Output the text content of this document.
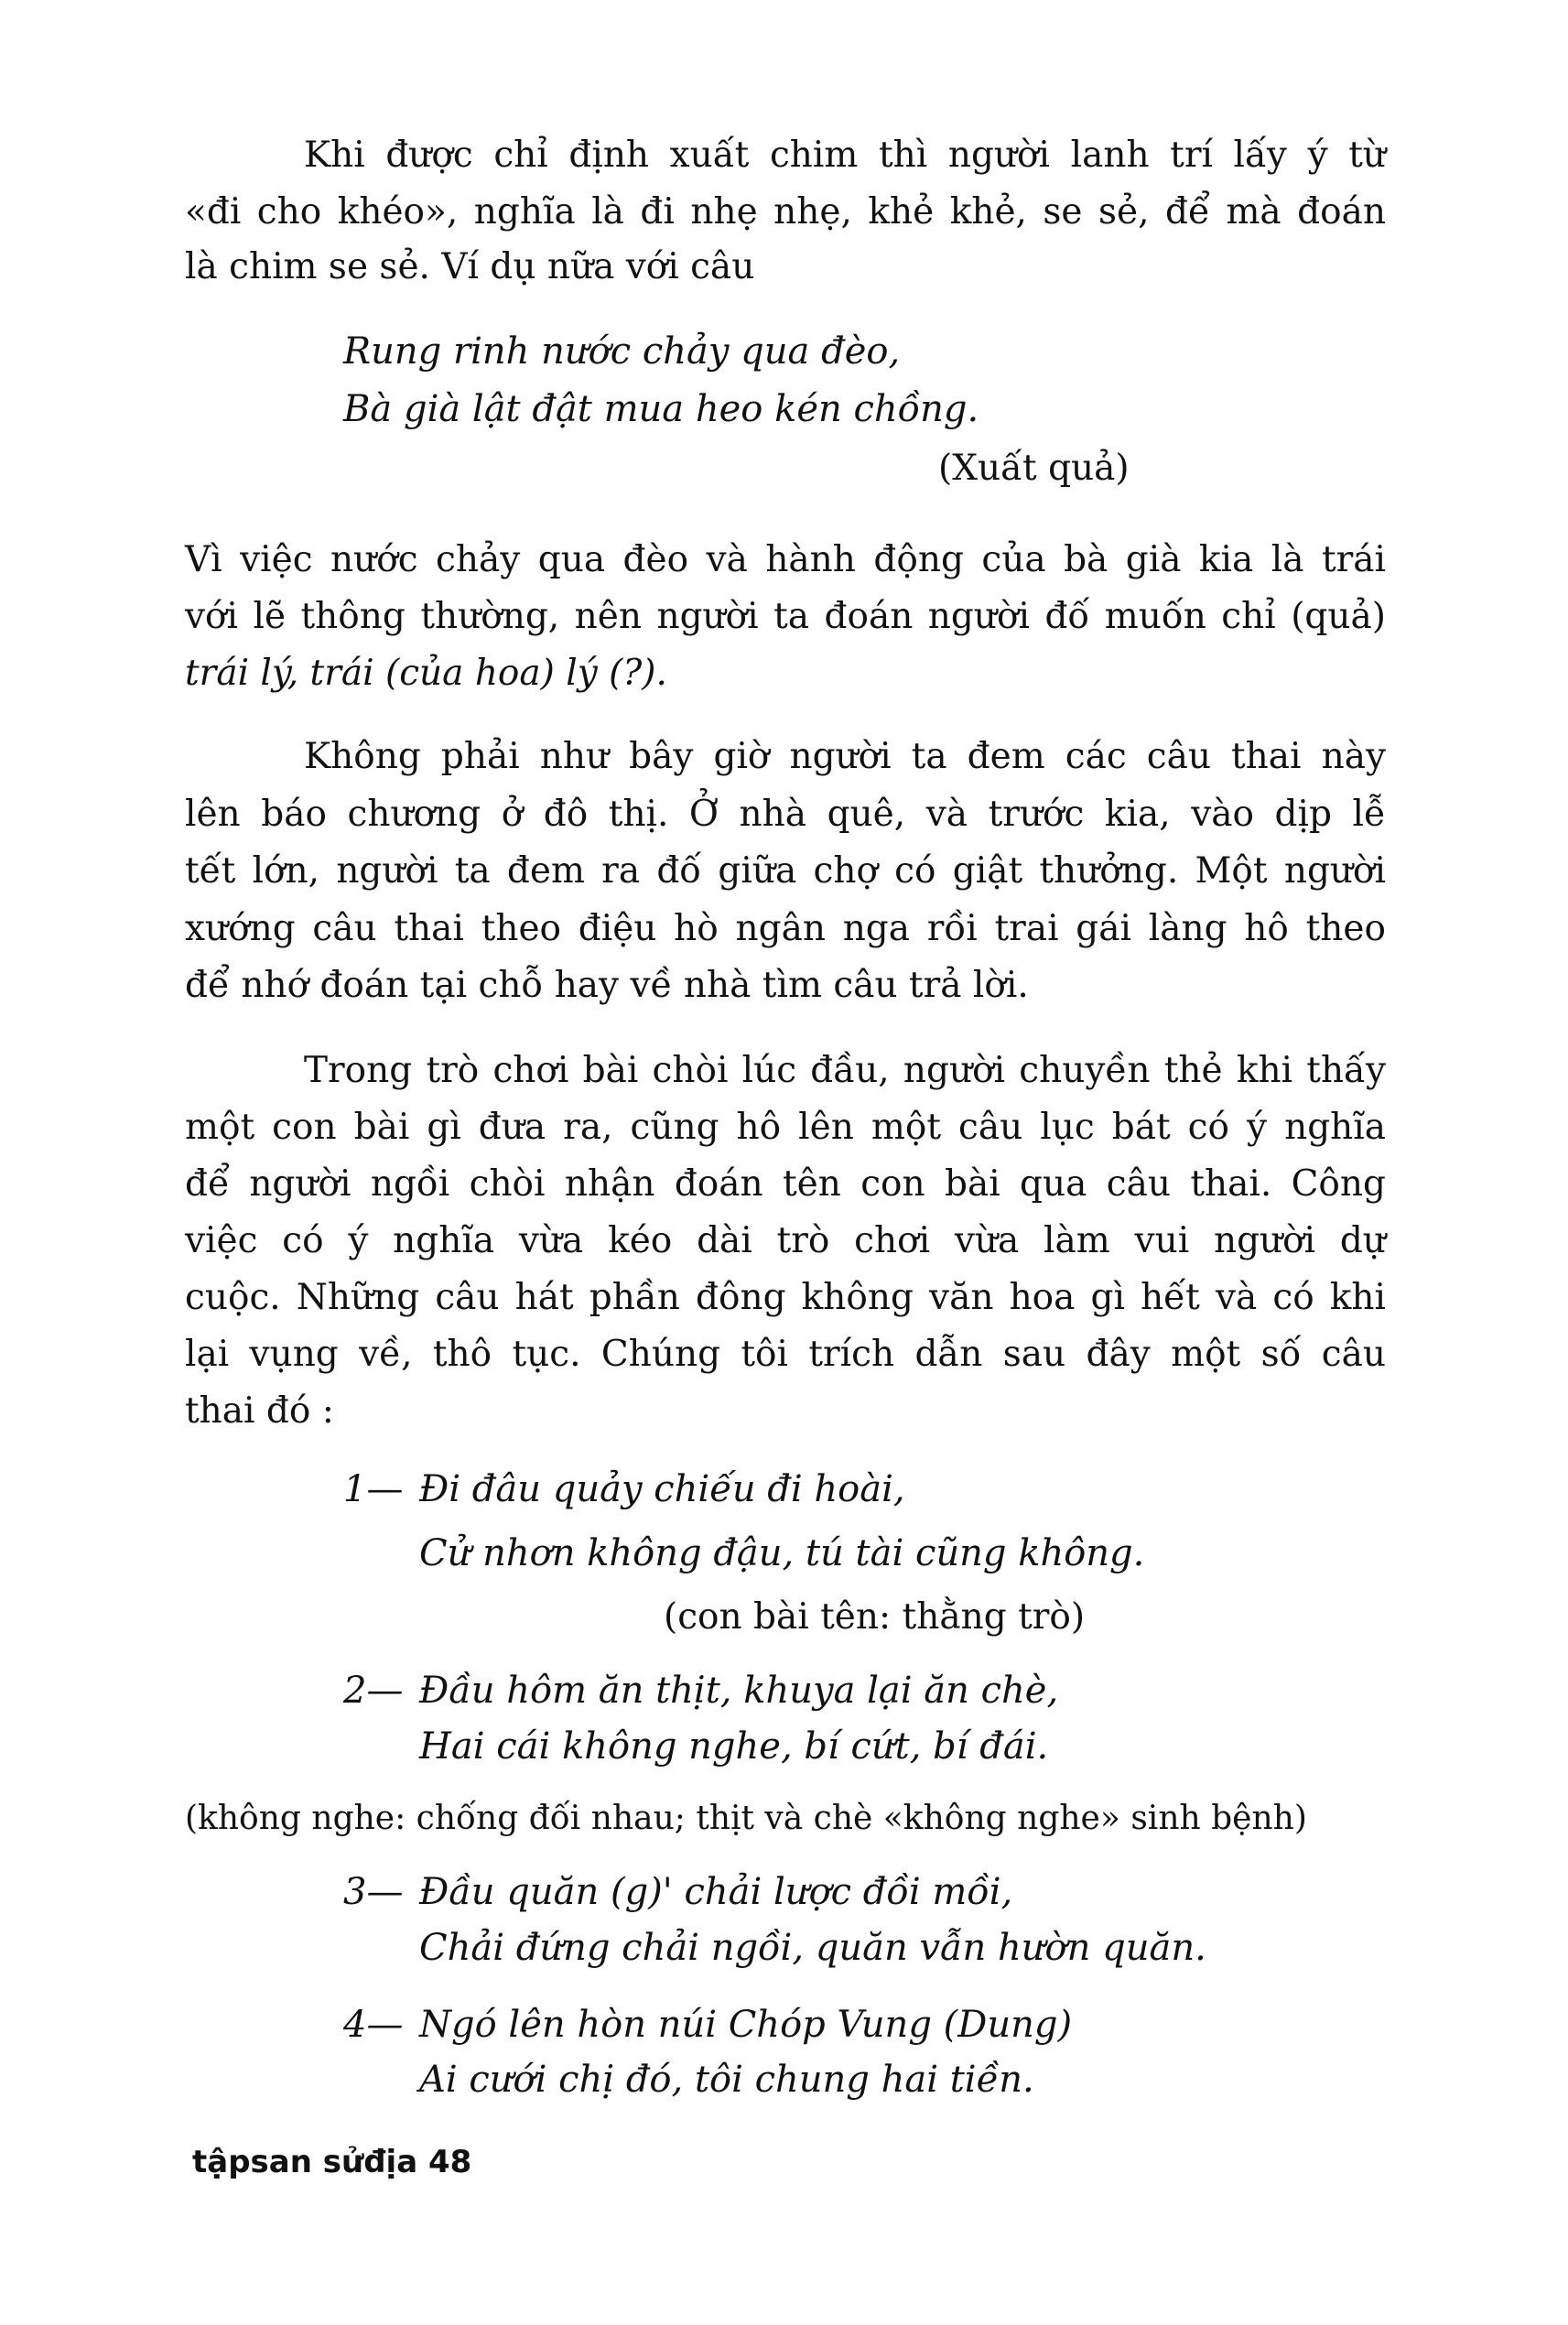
Khi được chỉ định xuất chim thì người lanh trí lấy ý từ
«đi cho khéo», nghĩa là đi nhẹ nhẹ, khẻ khẻ, se sẻ, để mà đoán
là chim se sẻ. Ví dụ nữa với câu
Rung rinh nước chảy qua đèo,
Bà già lật đật mua heo kén chồng.
(Xuất quả)
Vì việc nước chảy qua đèo và hành động của bà già kia là trái
với lẽ thông thường, nên người ta đoán người đố muốn chỉ (quả)
trái lý, trái (của hoa) lý (?).
Không phải như bây giờ người ta đem các câu thai này
lên báo chương ở đô thị. Ở nhà quê, và trước kia, vào dịp lễ
tết lớn, người ta đem ra đố giữa chợ có giật thưởng. Một người
xướng câu thai theo điệu hò ngân nga rồi trai gái làng hô theo
để nhớ đoán tại chỗ hay về nhà tìm câu trả lời.
Trong trò chơi bài chòi lúc đầu, người chuyền thẻ khi thấy
một con bài gì đưa ra, cũng hô lên một câu lục bát có ý nghĩa
để người ngồi chòi nhận đoán tên con bài qua câu thai. Công
việc có ý nghĩa vừa kéo dài trò chơi vừa làm vui người dự
cuộc. Những câu hát phần đông không văn hoa gì hết và có khi
lại vụng về, thô tục. Chúng tôi trích dẫn sau đây một số câu
thai đó :
1— Đi đâu quảy chiếu đi hoài,
Cử nhơn không đậu, tú tài cũng không.
(con bài tên: thằng trò)
2— Đầu hôm ăn thịt, khuya lại ăn chè,
Hai cái không nghe, bí cứt, bí đái.
(không nghe: chống đối nhau; thịt và chè «không nghe» sinh bệnh)
3— Đầu quăn (g)' chải lược đồi mồi,
Chải đứng chải ngồi, quăn vẫn hườn quăn.
4— Ngó lên hòn núi Chóp Vung (Dung)
Ai cưới chị đó, tôi chung hai tiền.
tậpsan sửđịa 48
